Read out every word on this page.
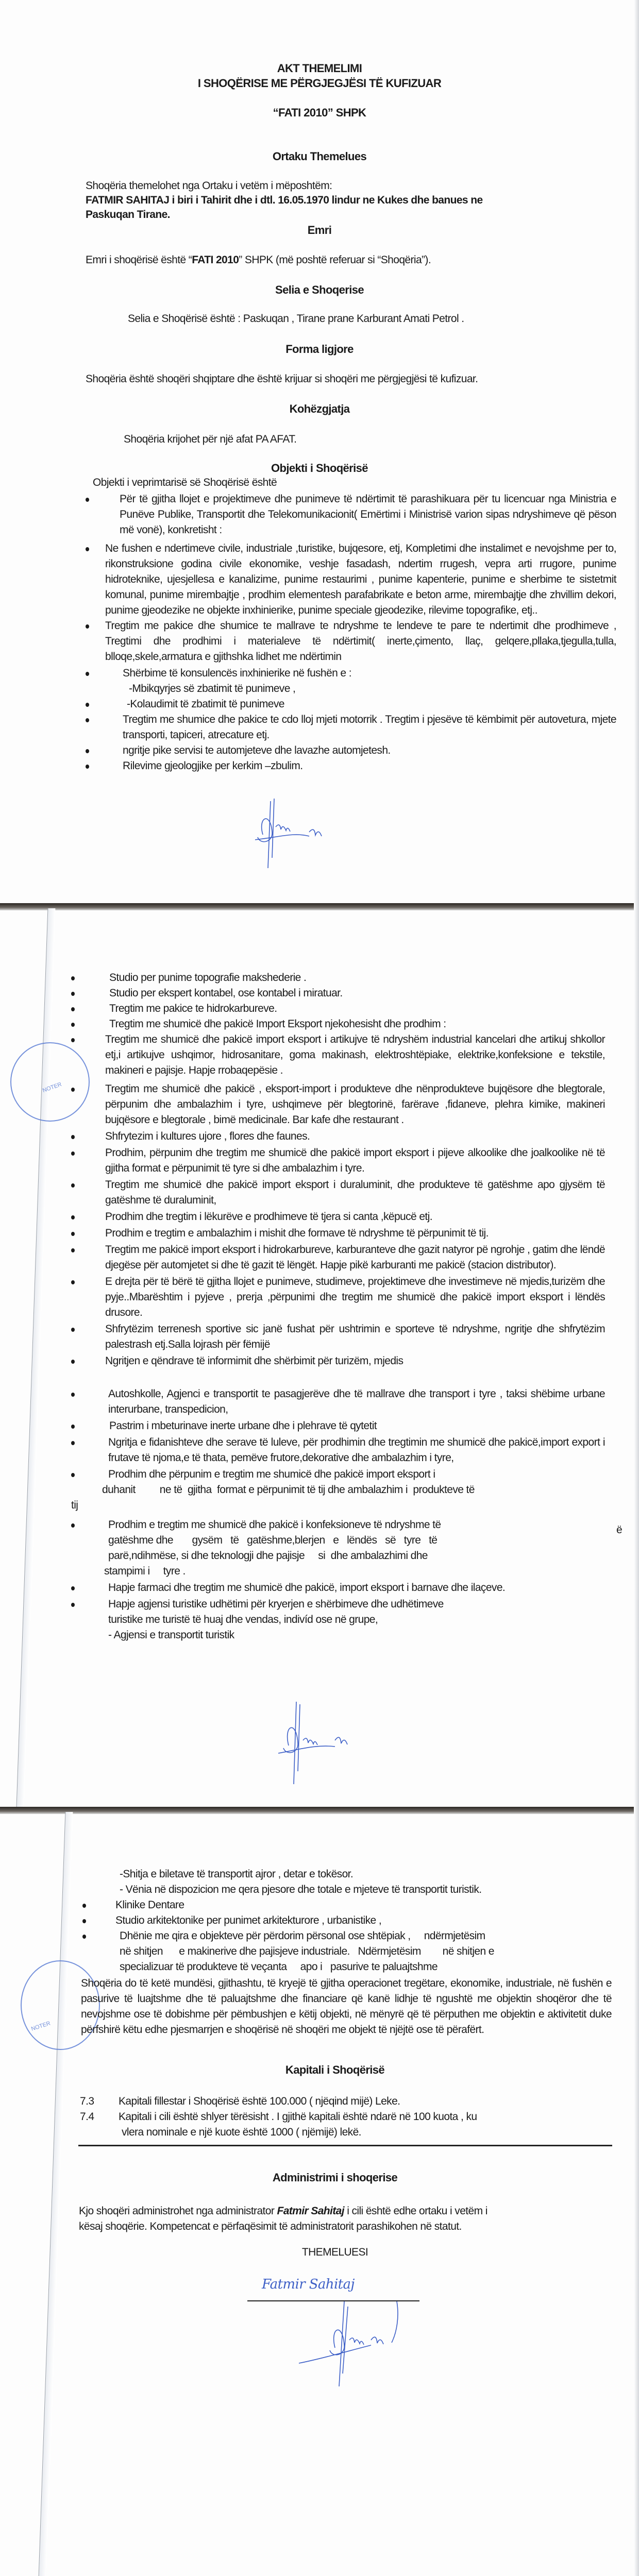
AKT THEMELIMI
I SHOQËRISE ME PËRGJEGJËSI TË KUFIZUAR
“FATI 2010” SHPK
Ortaku Themelues
Shoqëria themelohet nga Ortaku i vetëm i mëposhtëm:
FATMIR SAHITAJ i biri i Tahirit dhe i dtl. 16.05.1970 lindur ne Kukes dhe banues ne
Paskuqan Tirane.
Emri
Emri i shoqërisë është “FATI 2010” SHPK (më poshtë referuar si “Shoqëria”).
Selia e Shoqerise
Selia e Shoqërisë është : Paskuqan , Tirane prane Karburant Amati Petrol .
Forma ligjore
Shoqëria është shoqëri shqiptare dhe është krijuar si shoqëri me përgjegjësi të kufizuar.
Kohëzgjatja
Shoqëria krijohet për një afat PA AFAT.
Objekti i Shoqërisë
Objekti i veprimtarisë së Shoqërisë është
Për të gjitha llojet e projektimeve dhe punimeve të ndërtimit të parashikuara për tu licencuar nga Ministria e Punëve Publike, Transportit dhe Telekomunikacionit( Emërtimi i Ministrisë varion sipas ndryshimeve që pëson më vonë), konkretisht :
Ne fushen e ndertimeve civile, industriale ,turistike, bujqesore, etj, Kompletimi dhe instalimet e nevojshme per to, rikonstruksione godina civile ekonomike, veshje fasadash, ndertim rrugesh, vepra arti rrugore, punime hidroteknike, ujesjellesa e kanalizime, punime restaurimi , punime kapenterie, punime e sherbime te sistetmit komunal, punime mirembajtje , prodhim elementesh parafabrikate e beton arme, mirembajtje dhe zhvillim dekori, punime gjeodezike ne objekte inxhinierike, punime speciale gjeodezike, rilevime topografike, etj..
Tregtim me pakice dhe shumice te mallrave te ndryshme te lendeve te pare te ndertimit dhe prodhimeve , Tregtimi dhe prodhimi i materialeve të ndërtimit( inerte,çimento, llaç, gelqere,pllaka,tjegulla,tulla, blloqe,skele,armatura e gjithshka lidhet me ndërtimin
Shërbime të konsulencës inxhinierike në fushën e :
-Mbikqyrjes së zbatimit të punimeve ,
-Kolaudimit të zbatimit të punimeve
Tregtim me shumice dhe pakice te cdo lloj mjeti motorrik . Tregtim i pjesëve të këmbimit për autovetura, mjete transporti, tapiceri, atrecature etj.
ngritje pike servisi te automjeteve dhe lavazhe automjetesh.
Rilevime gjeologjike per kerkim –zbulim.
NOTER
Studio per punime topografie makshederie .
Studio per ekspert kontabel, ose kontabel i miratuar.
Tregtim me pakice te hidrokarbureve.
Tregtim me shumicë dhe pakicë Import Eksport njekohesisht dhe prodhim :
Tregtim me shumicë dhe pakicë import eksport i artikujve të ndryshëm industrial kancelari dhe artikuj shkollor etj,i artikujve ushqimor, hidrosanitare, goma makinash, elektroshtëpiake, elektrike,konfeksione e tekstile, makineri e pajisje. Hapje rrobaqepësie .
Tregtim me shumicë dhe pakicë , eksport-import i produkteve dhe nënprodukteve bujqësore dhe blegtorale, përpunim dhe ambalazhim i tyre, ushqimeve për blegtorinë, farërave ,fidaneve, plehra kimike, makineri bujqësore e blegtorale , bimë medicinale. Bar kafe dhe restaurant .
Shfrytezim i kultures ujore , flores dhe faunes.
Prodhim, përpunim dhe tregtim me shumicë dhe pakicë import eksport i pijeve alkoolike dhe joalkoolike në të gjitha format e përpunimit të tyre si dhe ambalazhim i tyre.
Tregtim me shumicë dhe pakicë import eksport i duraluminit, dhe produkteve të gatëshme apo gjysëm të gatëshme të duraluminit,
Prodhim dhe tregtim i lëkurëve e prodhimeve të tjera si canta ,këpucë etj.
Prodhim e tregtim e ambalazhim i mishit dhe formave të ndryshme të përpunimit të tij.
Tregtim me pakicë import eksport i hidrokarbureve, karburanteve dhe gazit natyror pë ngrohje , gatim dhe lëndë djegëse për automjetet si dhe të gazit të lëngët. Hapje pikë karburanti me pakicë (stacion distributor).
E drejta për të bërë të gjitha llojet e punimeve, studimeve, projektimeve dhe investimeve në mjedis,turizëm dhe pyje..Mbarështim i pyjeve , prerja ,përpunimi dhe tregtim me shumicë dhe pakicë import eksport i lëndës drusore.
Shfrytëzim terrenesh sportive sic janë fushat për ushtrimin e sporteve të ndryshme, ngritje dhe shfrytëzim palestrash etj.Salla lojrash për fëmijë
Ngritjen e qëndrave të informimit dhe shërbimit për turizëm, mjedis
Autoshkolle, Agjenci e transportit te pasagjerëve dhe të mallrave dhe transport i tyre , taksi shëbime urbane interurbane, transpedicion,
Pastrim i mbeturinave inerte urbane dhe i plehrave të qytetit
Ngritja e fidanishteve dhe serave të luleve, për prodhimin dhe tregtimin me shumicë dhe pakicë,import export i frutave të njoma,e të thata, pemëve frutore,dekorative dhe ambalazhim i tyre,
Prodhim dhe përpunim e tregtim me shumicë dhe pakicë import eksport i
duhanit         ne të  gjitha  format e përpunimit të tij dhe ambalazhim i  produkteve të
tij
Prodhim e tregtim me shumicë dhe pakicë i konfeksioneve të ndryshme të
gatëshme dhe       gysëm   të   gatëshme,blerjen   e   lëndës   së   tyre   të
parë,ndihmëse, si dhe teknologji dhe pajisje     si  dhe ambalazhimi dhe
stampimi i     tyre .
Hapje farmaci dhe tregtim me shumicë dhe pakicë, import eksport i barnave dhe ilaçeve.
Hapje agjensi turistike udhëtimi për kryerjen e shërbimeve dhe udhëtimeve
turistike me turistë të huaj dhe vendas, indivíd ose në grupe,
- Agjensi e transportit turistik
ë
NOTER
-Shitja e biletave të transportit ajror , detar e tokësor.
- Vënia në dispozicion me qera pjesore dhe totale e mjeteve të transportit turistik.
Klinike Dentare
Studio arkitektonike per punimet arkitekturore , urbanistike ,
Dhënie me qira e objekteve për përdorim përsonal ose shtëpiak ,     ndërmjetësim
në shitjen      e makinerive dhe pajisjeve industriale.   Ndërmjetësim        në shitjen e
specializuar të produkteve të veçanta     apo i   pasurive te paluajtshme
Shoqëria do të ketë mundësi, gjithashtu, të kryejë të gjitha operacionet tregëtare, ekonomike, industriale, në fushën e pasurive të luajtshme dhe të paluajtshme dhe financiare që kanë lidhje të ngushtë me objektin shoqëror dhe të nevojshme ose të dobishme për pëmbushjen e këtij objekti, në mënyrë që të përputhen me objektin e aktivitetit duke përfshirë këtu edhe pjesmarrjen e shoqërisë në shoqëri me objekt të njëjtë ose të përafërt.
Kapitali i Shoqërisë
7.3 Kapitali fillestar i Shoqërisë është 100.000 ( njëqind mijë) Leke.
7.4 Kapitali i cili është shlyer tërësisht . I gjithë kapitali është ndarë në 100 kuota , ku
vlera nominale e një kuote është 1000 ( njëmijë) lekë.
Administrimi i shoqerise
Kjo shoqëri administrohet nga administrator Fatmir Sahitaj i cili është edhe ortaku i vetëm i
kësaj shoqërie. Kompetencat e përfaqësimit të administratorit parashikohen në statut.
THEMELUESI
Fatmir Sahitaj
